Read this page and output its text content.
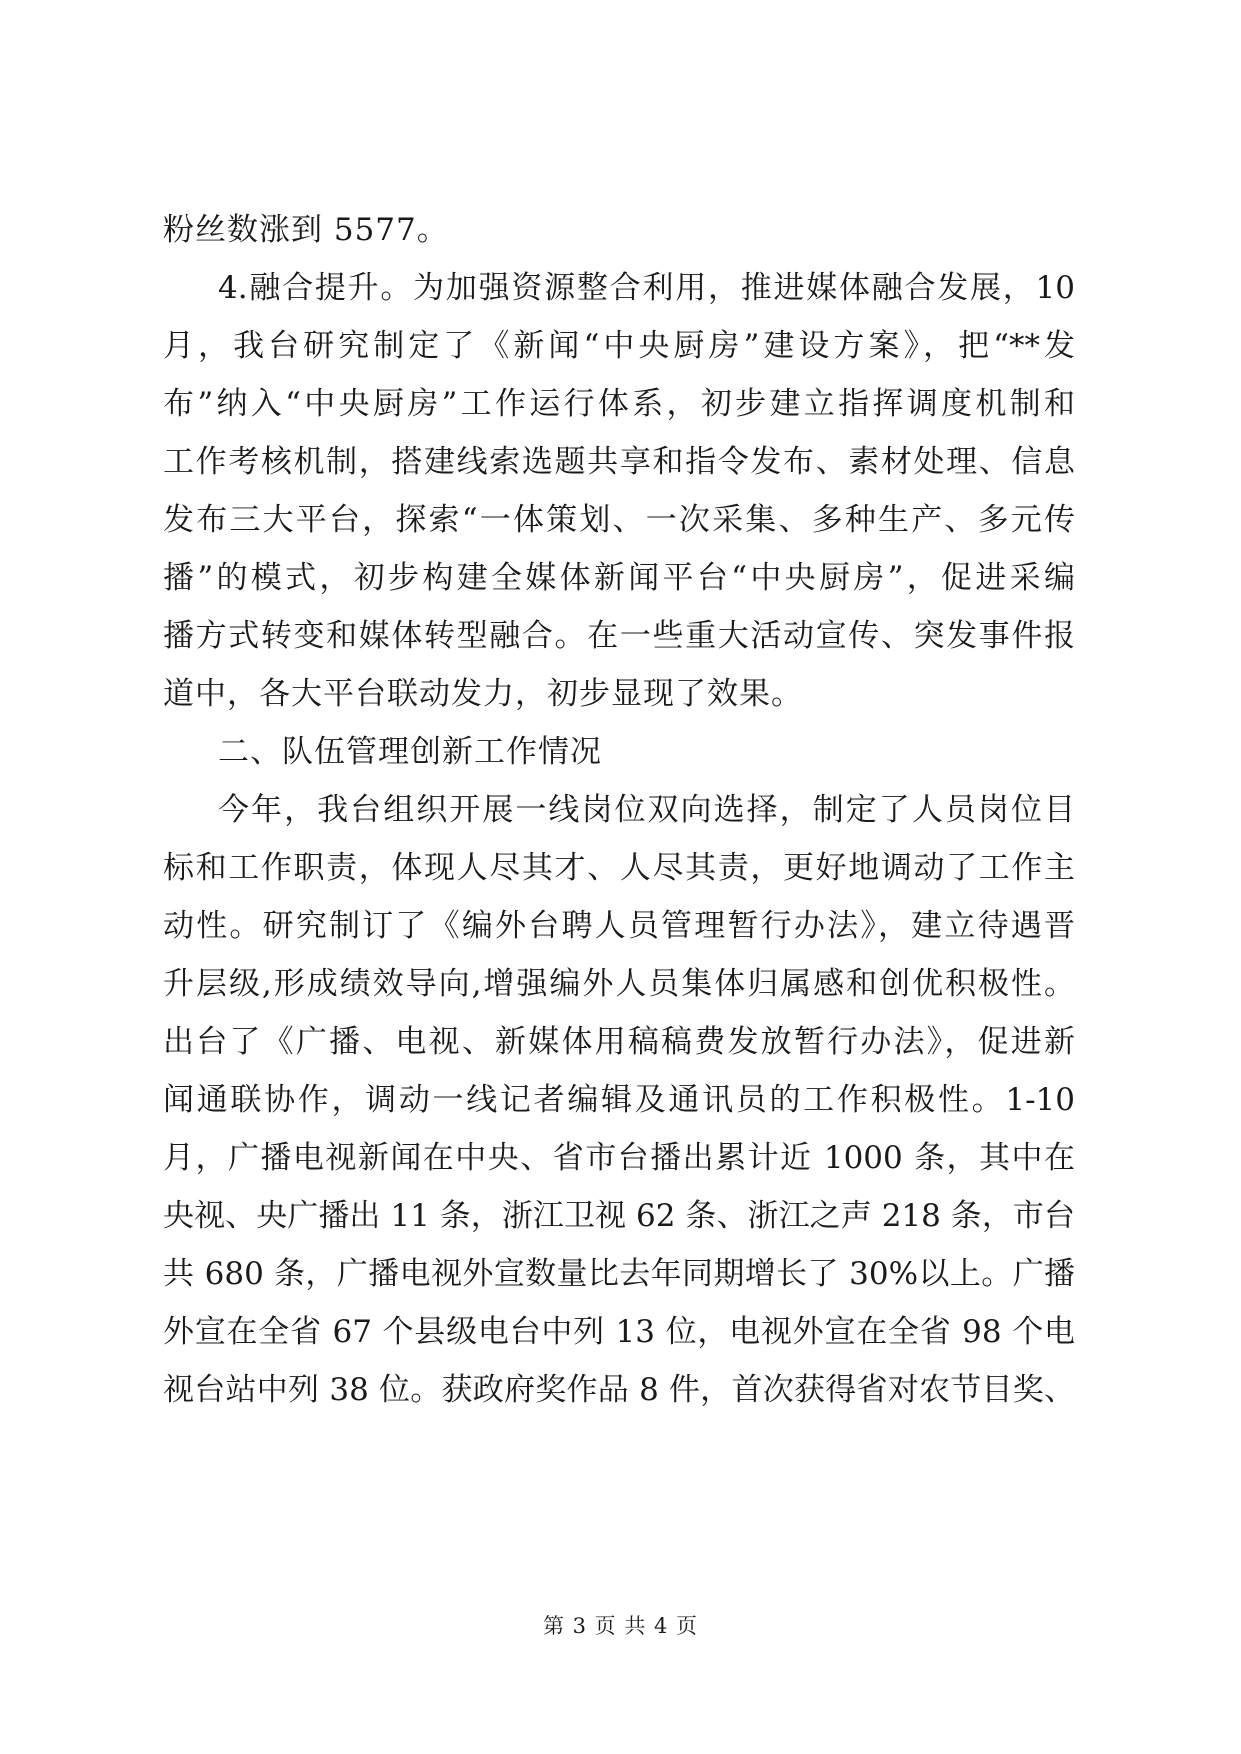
粉丝数涨到 5577。
4.融合提升。为加强资源整合利用，推进媒体融合发展，10
月，我台研究制定了《新闻“中央厨房”建设方案》，把“**发
布”纳入“中央厨房”工作运行体系，初步建立指挥调度机制和
工作考核机制，搭建线索选题共享和指令发布、素材处理、信息
发布三大平台，探索“一体策划、一次采集、多种生产、多元传
播”的模式，初步构建全媒体新闻平台“中央厨房”，促进采编
播方式转变和媒体转型融合。在一些重大活动宣传、突发事件报
道中，各大平台联动发力，初步显现了效果。
二、队伍管理创新工作情况
今年，我台组织开展一线岗位双向选择，制定了人员岗位目
标和工作职责，体现人尽其才、人尽其责，更好地调动了工作主
动性。研究制订了《编外台聘人员管理暂行办法》，建立待遇晋
升层级,形成绩效导向,增强编外人员集体归属感和创优积极性。
出台了《广播、电视、新媒体用稿稿费发放暂行办法》，促进新
闻通联协作，调动一线记者编辑及通讯员的工作积极性。1-10
月，广播电视新闻在中央、省市台播出累计近 1000 条，其中在
央视、央广播出 11 条，浙江卫视 62 条、浙江之声 218 条，市台
共 680 条，广播电视外宣数量比去年同期增长了 30%以上。广播
外宣在全省 67 个县级电台中列 13 位，电视外宣在全省 98 个电
视台站中列 38 位。获政府奖作品 8 件，首次获得省对农节目奖、
第 3 页 共 4 页
